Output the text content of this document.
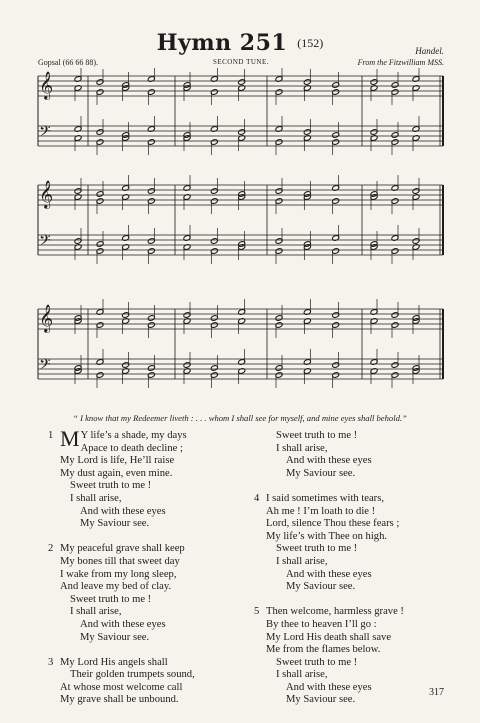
Hymn 251 (152)
Handel.
Gopsal (66 66 88).	SECOND TUNE.	From the Fitzwilliam MSS.
𝄞
𝄢
𝄞
𝄢
𝄞
𝄢
“ I know that my Redeemer liveth : . . . whom I shall see for myself, and mine eyes shall behold.”
1 M Y life’s a shade, my days
Apace to death decline ;
My Lord is life, He’ll raise
My dust again, even mine.
Sweet truth to me !
I shall arise,
And with these eyes
My Saviour see.
2 My peaceful grave shall keep
My bones till that sweet day
I wake from my long sleep,
And leave my bed of clay.
Sweet truth to me !
I shall arise,
And with these eyes
My Saviour see.
3 My Lord His angels shall
Their golden trumpets sound,
At whose most welcome call
My grave shall be unbound.
Sweet truth to me !
I shall arise,
And with these eyes
My Saviour see.
4 I said sometimes with tears,
Ah me ! I’m loath to die !
Lord, silence Thou these fears ;
My life’s with Thee on high.
Sweet truth to me !
I shall arise,
And with these eyes
My Saviour see.
5 Then welcome, harmless grave !
By thee to heaven I’ll go :
My Lord His death shall save
Me from the flames below.
Sweet truth to me !
I shall arise,
And with these eyes
My Saviour see.
317
